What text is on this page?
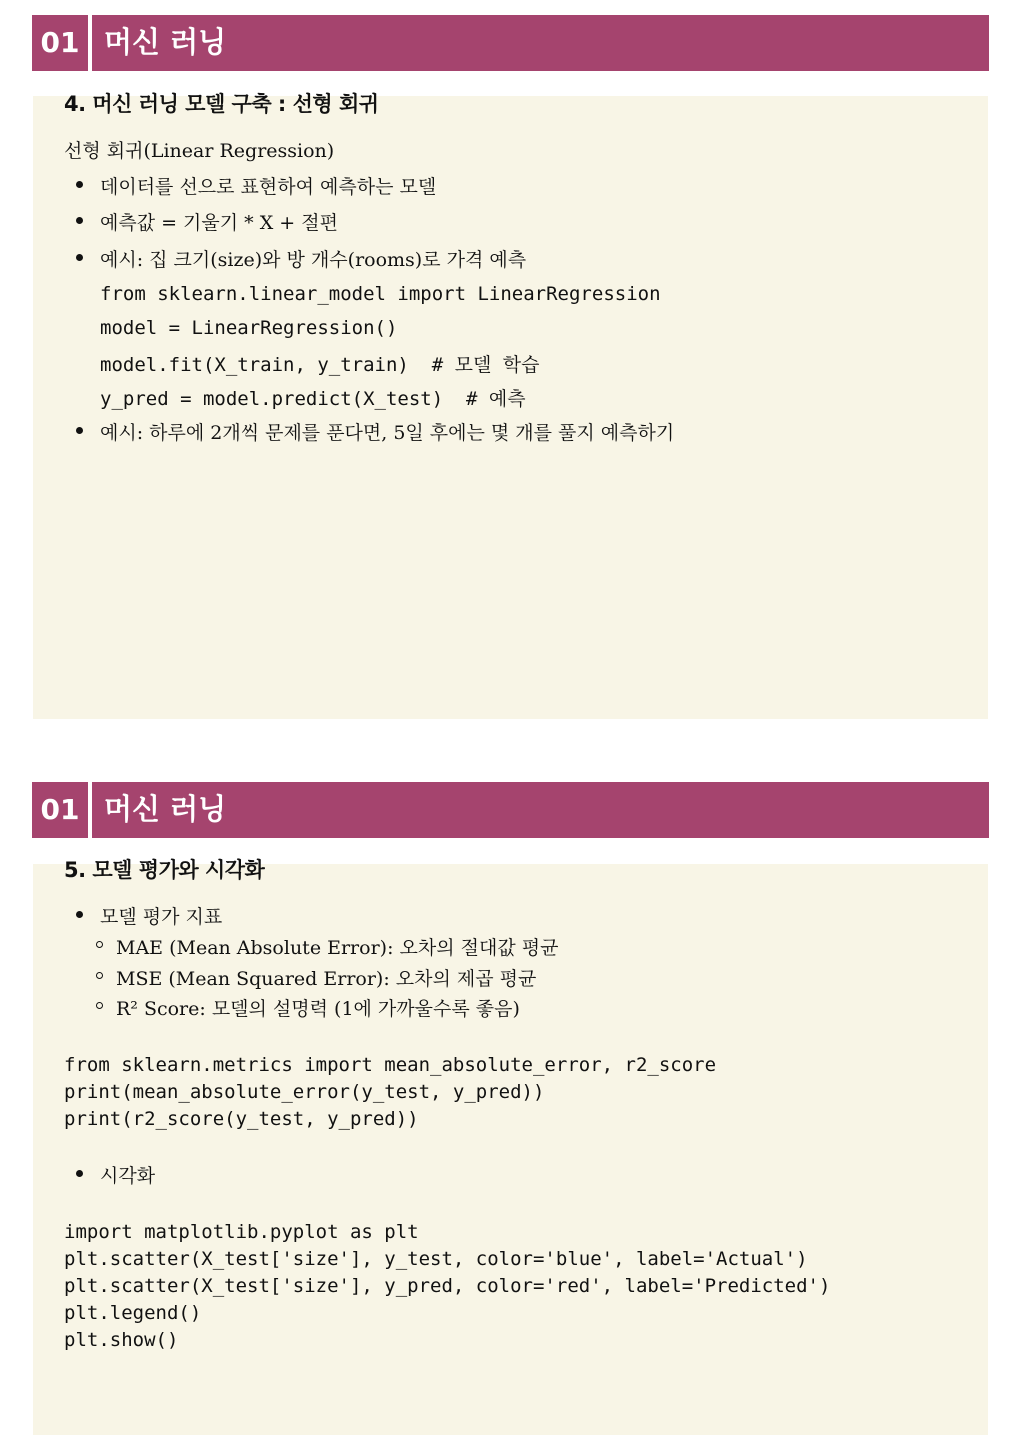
01 머신 러닝
4. 머신 러닝 모델 구축 : 선형 회귀
선형 회귀(Linear Regression)
데이터를 선으로 표현하여 예측하는 모델
예측값 = 기울기 * X + 절편
예시: 집 크기(size)와 방 개수(rooms)로 가격 예측
from sklearn.linear_model import LinearRegression
model = LinearRegression()
model.fit(X_train, y_train)  # 모델 학습
y_pred = model.predict(X_test)  # 예측
예시: 하루에 2개씩 문제를 푼다면, 5일 후에는 몇 개를 풀지 예측하기
01 머신 러닝
5. 모델 평가와 시각화
모델 평가 지표
MAE (Mean Absolute Error): 오차의 절대값 평균
MSE (Mean Squared Error): 오차의 제곱 평균
R² Score: 모델의 설명력 (1에 가까울수록 좋음)
from sklearn.metrics import mean_absolute_error, r2_score
print(mean_absolute_error(y_test, y_pred))
print(r2_score(y_test, y_pred))
시각화
import matplotlib.pyplot as plt
plt.scatter(X_test['size'], y_test, color='blue', label='Actual')
plt.scatter(X_test['size'], y_pred, color='red', label='Predicted')
plt.legend()
plt.show()
